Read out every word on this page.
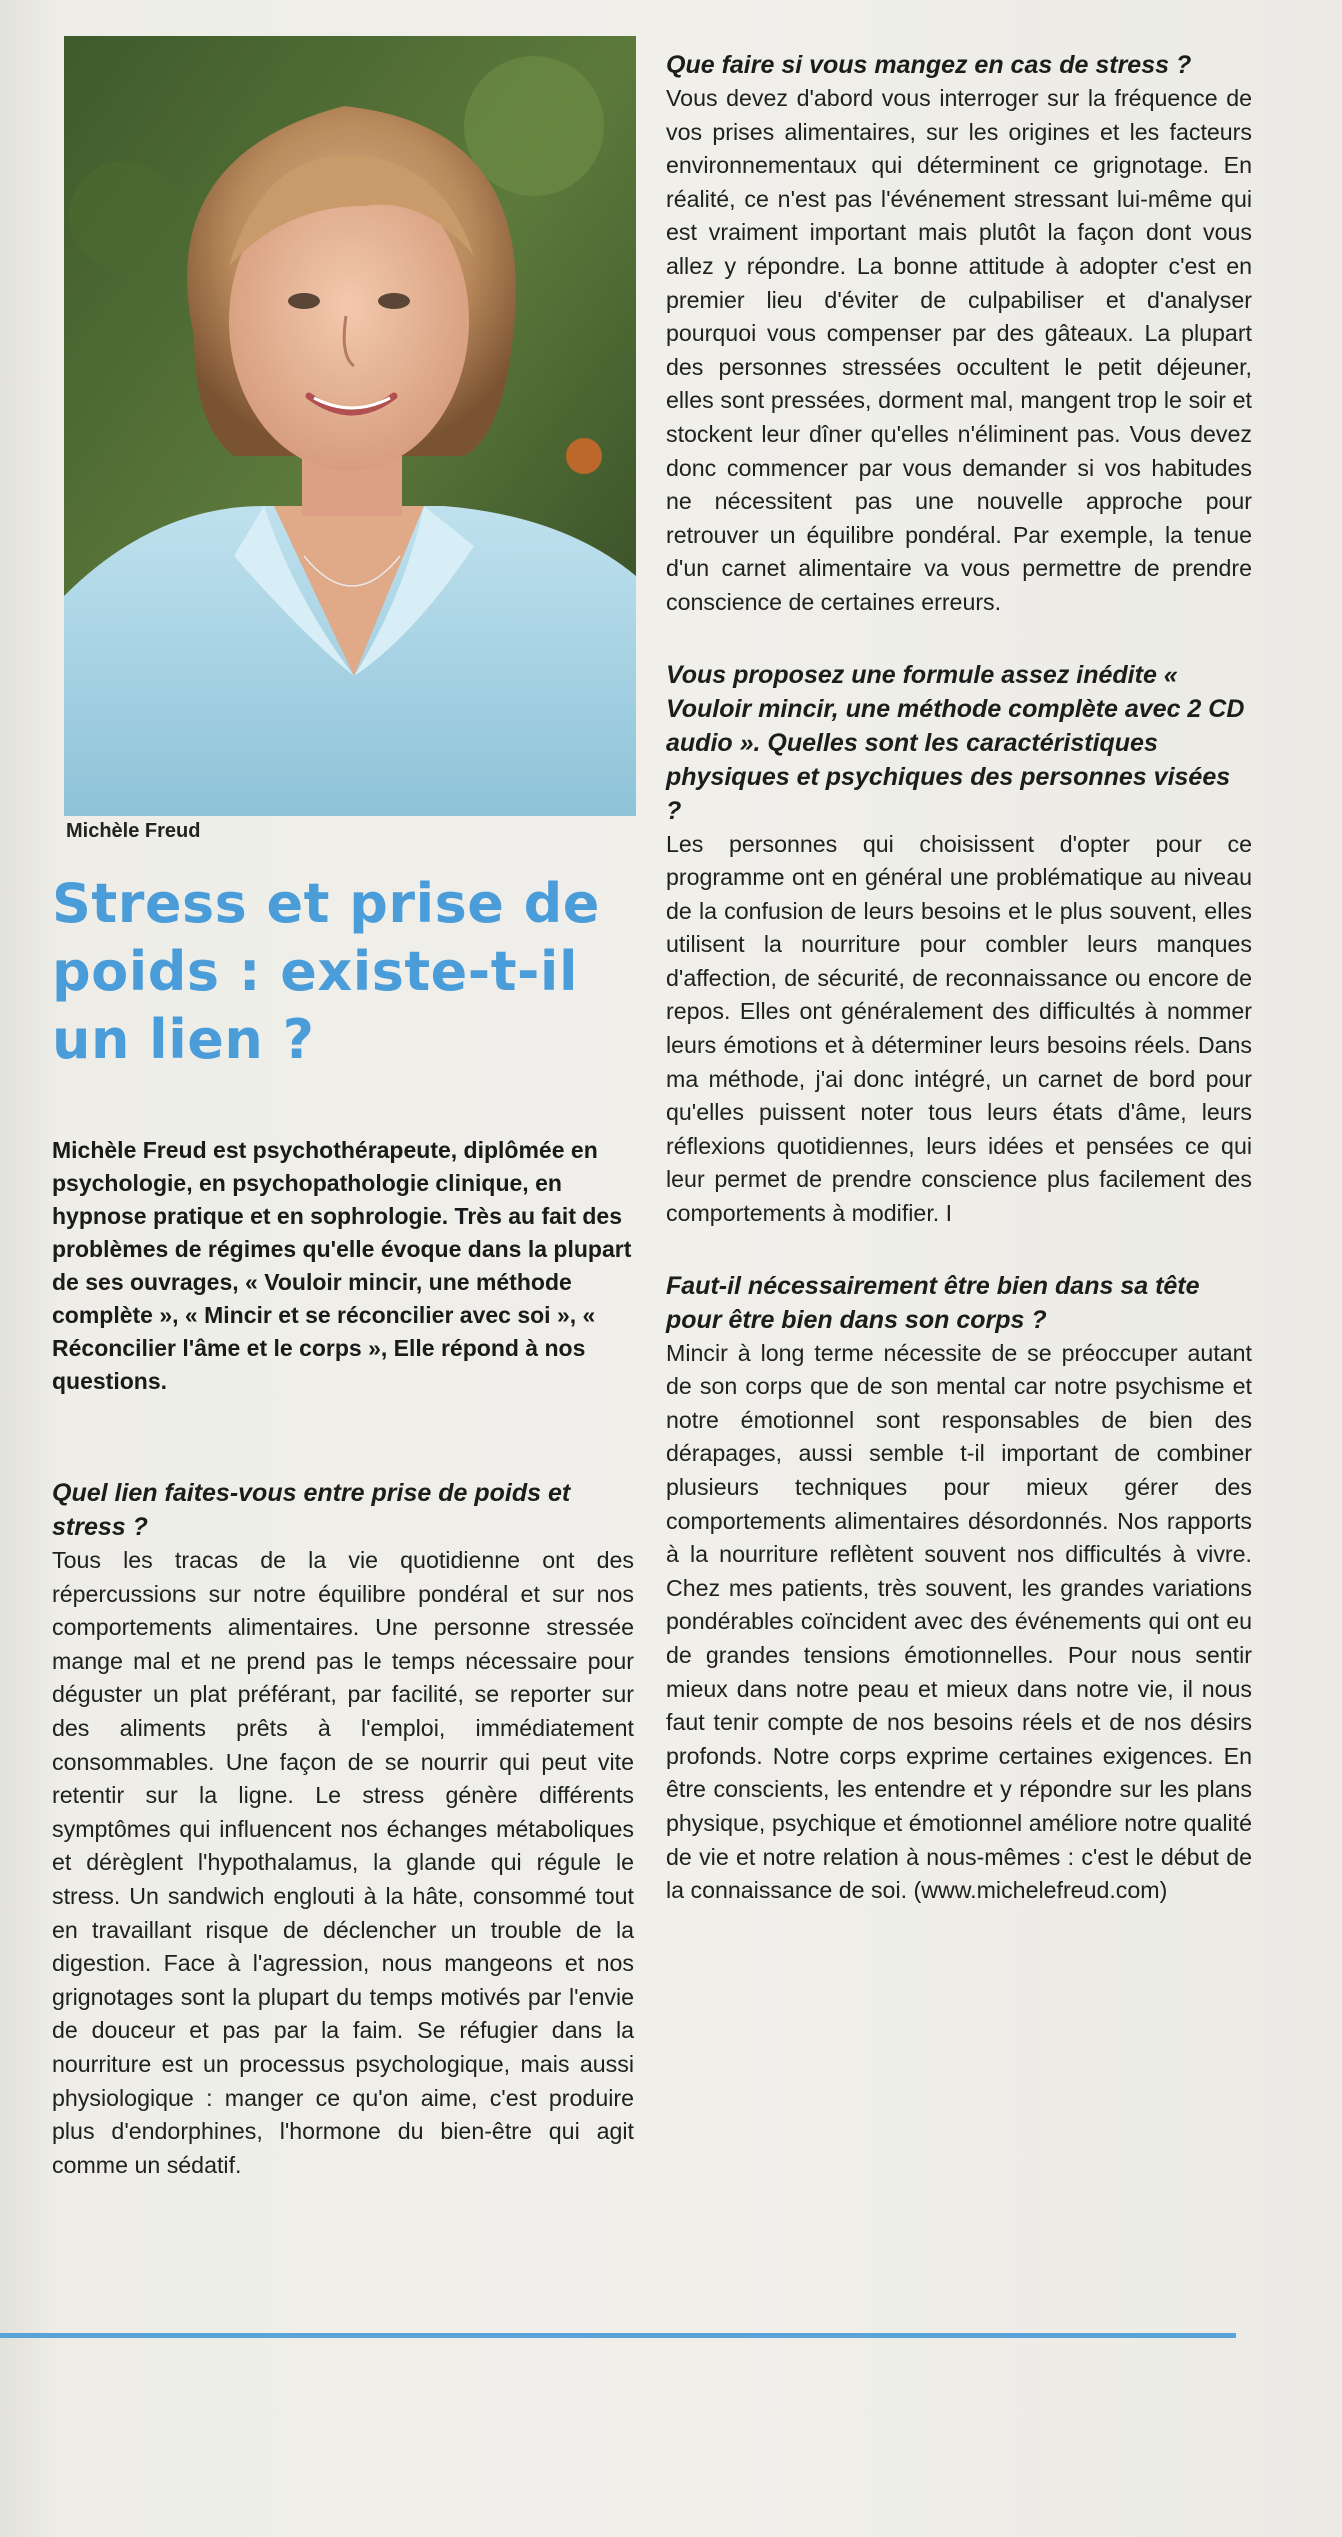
Michèle Freud
Stress et prise de poids : existe-t-il un lien ?

Michèle Freud est psychothérapeute, diplômée en psychologie, en psychopathologie clinique, en hypnose pratique et en sophrologie. Très au fait des problèmes de régimes qu'elle évoque dans la plupart de ses ouvrages, « Vouloir mincir, une méthode complète », « Mincir et se réconcilier avec soi », « Réconcilier l'âme et le corps », Elle répond à nos questions.

Quel lien faites-vous entre prise de poids et stress ?

Tous les tracas de la vie quotidienne ont des répercussions sur notre équilibre pondéral et sur nos comportements alimentaires. Une personne stressée mange mal et ne prend pas le temps nécessaire pour déguster un plat préférant, par facilité, se reporter sur des aliments prêts à l'emploi, immédiatement consommables. Une façon de se nourrir qui peut vite retentir sur la ligne. Le stress génère différents symptômes qui influencent nos échanges métaboliques et dérèglent l'hypothalamus, la glande qui régule le stress. Un sandwich englouti à la hâte, consommé tout en travaillant risque de déclencher un trouble de la digestion. Face à l'agression, nous mangeons et nos grignotages sont la plupart du temps motivés par l'envie de douceur et pas par la faim. Se réfugier dans la nourriture est un processus psychologique, mais aussi physiologique : manger ce qu'on aime, c'est produire plus d'endorphines, l'hormone du bien-être qui agit comme un sédatif.

Que faire si vous mangez en cas de stress ?

Vous devez d'abord vous interroger sur la fréquence de vos prises alimentaires, sur les origines et les facteurs environnementaux qui déterminent ce grignotage. En réalité, ce n'est pas l'événement stressant lui-même qui est vraiment important mais plutôt la façon dont vous allez y répondre. La bonne attitude à adopter c'est en premier lieu d'éviter de culpabiliser et d'analyser pourquoi vous compenser par des gâteaux. La plupart des personnes stressées occultent le petit déjeuner, elles sont pressées, dorment mal, mangent trop le soir et stockent leur dîner qu'elles n'éliminent pas. Vous devez donc commencer par vous demander si vos habitudes ne nécessitent pas une nouvelle approche pour retrouver un équilibre pondéral. Par exemple, la tenue d'un carnet alimentaire va vous permettre de prendre conscience de certaines erreurs.

Vous proposez une formule assez inédite « Vouloir mincir, une méthode complète avec 2 CD audio ». Quelles sont les caractéristiques physiques et psychiques des personnes visées ?

Les personnes qui choisissent d'opter pour ce programme ont en général une problématique au niveau de la confusion de leurs besoins et le plus souvent, elles utilisent la nourriture pour combler leurs manques d'affection, de sécurité, de reconnaissance ou encore de repos. Elles ont généralement des difficultés à nommer leurs émotions et à déterminer leurs besoins réels. Dans ma méthode, j'ai donc intégré, un carnet de bord pour qu'elles puissent noter tous leurs états d'âme, leurs réflexions quotidiennes, leurs idées et pensées ce qui leur permet de prendre conscience plus facilement des comportements à modifier. I

Faut-il nécessairement être bien dans sa tête pour être bien dans son corps ?

Mincir à long terme nécessite de se préoccuper autant de son corps que de son mental car notre psychisme et notre émotionnel sont responsables de bien des dérapages, aussi semble t-il important de combiner plusieurs techniques pour mieux gérer des comportements alimentaires désordonnés. Nos rapports à la nourriture reflètent souvent nos difficultés à vivre. Chez mes patients, très souvent, les grandes variations pondérables coïncident avec des événements qui ont eu de grandes tensions émotionnelles. Pour nous sentir mieux dans notre peau et mieux dans notre vie, il nous faut tenir compte de nos besoins réels et de nos désirs profonds. Notre corps exprime certaines exigences. En être conscients, les entendre et y répondre sur les plans physique, psychique et émotionnel améliore notre qualité de vie et notre relation à nous-mêmes : c'est le début de la connaissance de soi. (www.michelefreud.com)
